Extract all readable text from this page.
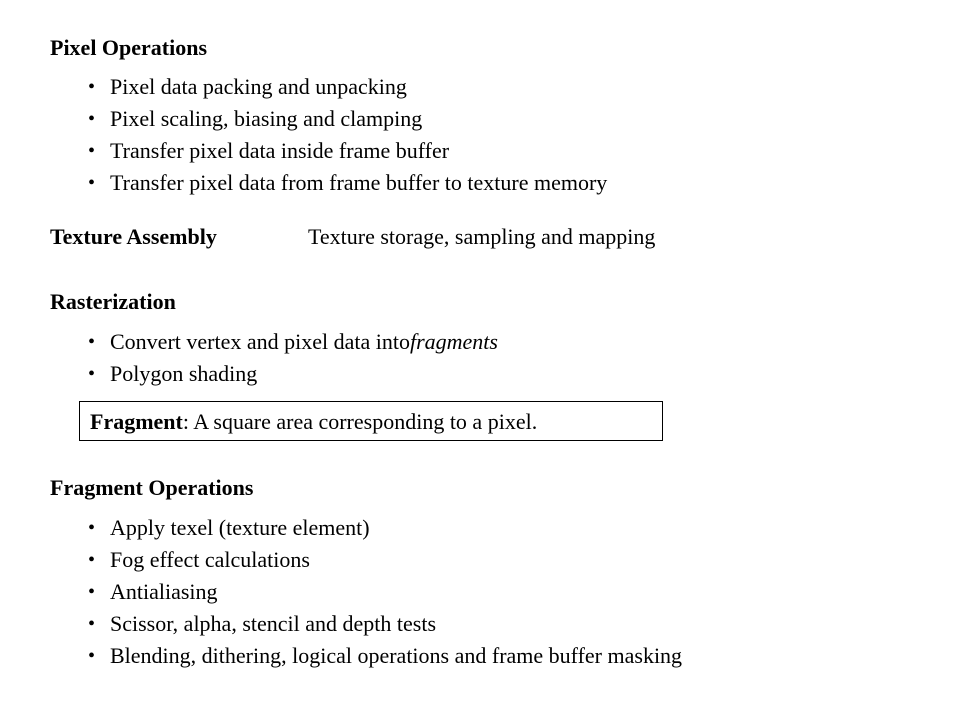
Pixel Operations
• Pixel data packing and unpacking
• Pixel scaling, biasing and clamping
• Transfer pixel data inside frame buffer
• Transfer pixel data from frame buffer to texture memory
Texture Assembly	Texture storage, sampling and mapping
Rasterization
• Convert vertex and pixel data into fragments
• Polygon shading
Fragment: A square area corresponding to a pixel.
Fragment Operations
• Apply texel (texture element)
• Fog effect calculations
• Antialiasing
• Scissor, alpha, stencil and depth tests
• Blending, dithering, logical operations and frame buffer masking
